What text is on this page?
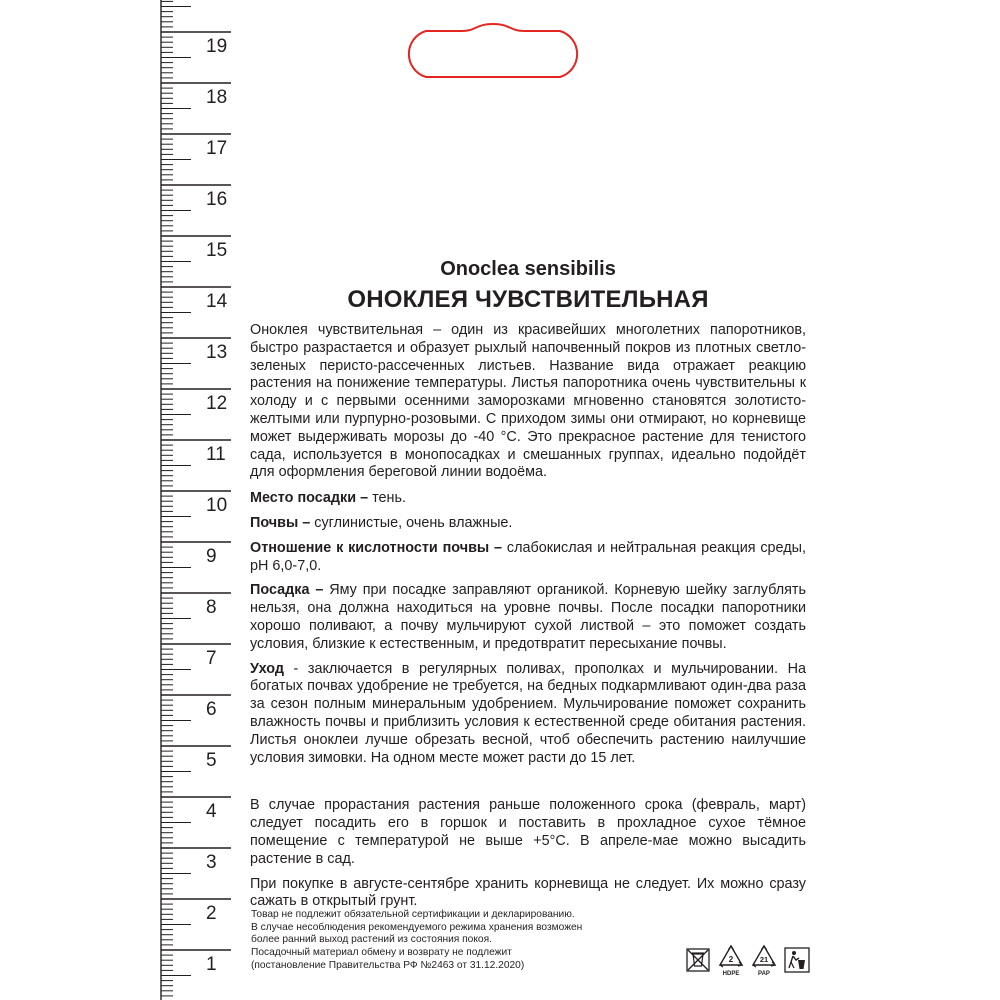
19
18
17
16
15
14
13
12
11
10
9
8
7
6
5
4
3
2
1
Onoclea sensibilis
ОНОКЛЕЯ ЧУВСТВИТЕЛЬНАЯ

Оноклея чувствительная – один из красивейших многолетних папоротников, быстро разрастается и образует рыхлый напочвенный покров из плотных светло-зеленых перисто-рассеченных листьев. Название вида отражает реакцию растения на понижение температуры. Листья папоротника очень чувствительны к холоду и с первыми осенними заморозками мгновенно становятся золотисто-желтыми или пурпурно-розовыми. С приходом зимы они отмирают, но корневище может выдерживать морозы до -40 °С. Это прекрасное растение для тенистого сада, используется в монопосадках и смешанных группах, идеально подойдёт для оформления береговой линии водоёма.

Место посадки – тень.

Почвы – суглинистые, очень влажные.

Отношение к кислотности почвы – слабокислая и нейтральная реакция среды, рН 6,0-7,0.

Посадка – Яму при посадке заправляют органикой. Корневую шейку заглублять нельзя, она должна находиться на уровне почвы. После посадки папоротники хорошо поливают, а почву мульчируют сухой листвой – это поможет создать условия, близкие к естественным, и предотвратит пересыхание почвы.

Уход - заключается в регулярных поливах, прополках и мульчировании. На богатых почвах удобрение не требуется, на бедных подкармливают один-два раза за сезон полным минеральным удобрением. Мульчирование поможет сохранить влажность почвы и приблизить условия к естественной среде обитания растения. Листья оноклеи лучше обрезать весной, чтоб обеспечить растению наилучшие условия зимовки. На одном месте может расти до 15 лет.

В случае прорастания растения раньше положенного срока (февраль, март) следует посадить его в горшок и поставить в прохладное сухое тёмное помещение с температурой не выше +5°С. В апреле-мае можно высадить растение в сад.

При покупке в августе-сентябре хранить корневища не следует. Их можно сразу сажать в открытый грунт.

Товар не подлежит обязательной сертификации и декларированию.
В случае несоблюдения рекомендуемого режима хранения возможен
более ранний выход растений из состояния покоя.
Посадочный материал обмену и возврату не подлежит
(постановление Правительства РФ №2463 от 31.12.2020)
2
HDPE
21
PAP
